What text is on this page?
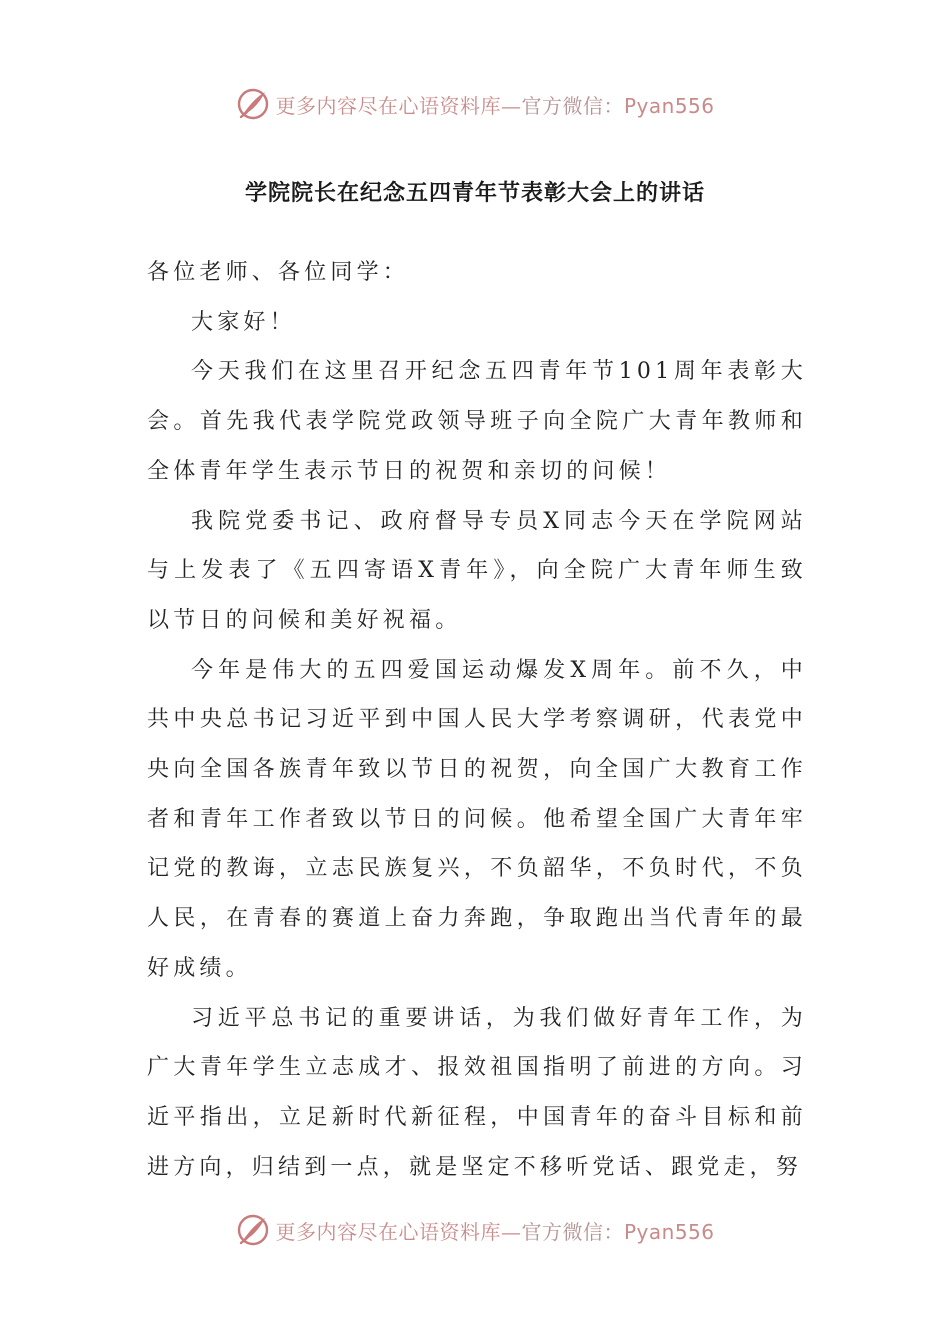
更多内容尽在心语资料库—官方微信：Pyan556
学院院长在纪念五四青年节表彰大会上的讲话

各位老师、各位同学：

大家好！

今天我们在这里召开纪念五四青年节101周年表彰大会。首先我代表学院党政领导班子向全院广大青年教师和全体青年学生表示节日的祝贺和亲切的问候！

我院党委书记、政府督导专员X同志今天在学院网站与上发表了《五四寄语X青年》，向全院广大青年师生致以节日的问候和美好祝福。

今年是伟大的五四爱国运动爆发X周年。前不久，中共中央总书记习近平到中国人民大学考察调研，代表党中央向全国各族青年致以节日的祝贺，向全国广大教育工作者和青年工作者致以节日的问候。他希望全国广大青年牢记党的教诲，立志民族复兴，不负韶华，不负时代，不负人民，在青春的赛道上奋力奔跑，争取跑出当代青年的最好成绩。

习近平总书记的重要讲话，为我们做好青年工作，为广大青年学生立志成才、报效祖国指明了前进的方向。习近平指出，立足新时代新征程，中国青年的奋斗目标和前进方向，归结到一点，就是坚定不移听党话、跟党走，努

更多内容尽在心语资料库—官方微信：Pyan556
